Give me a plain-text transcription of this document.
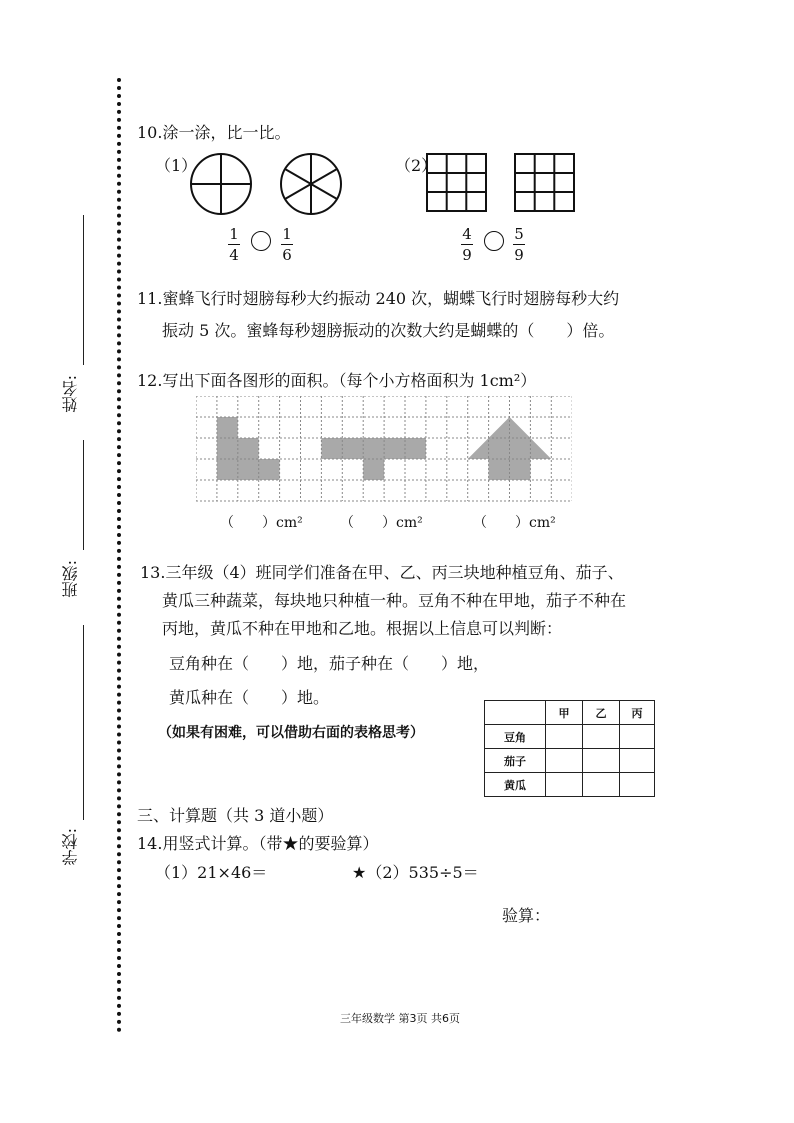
姓名:
班级:
学校:
10.涂一涂，比一比。
（1）	（2）
1
4
1
6
4
9
5
9
11.蜜蜂飞行时翅膀每秒大约振动 240 次，蝴蝶飞行时翅膀每秒大约
振动 5 次。蜜蜂每秒翅膀振动的次数大约是蝴蝶的（　　）倍。
12.写出下面各图形的面积。（每个小方格面积为 1cm²）
（　　）cm²	（　　）cm²	（　　）cm²
13.三年级（4）班同学们准备在甲、乙、丙三块地种植豆角、茄子、
黄瓜三种蔬菜，每块地只种植一种。豆角不种在甲地，茄子不种在
丙地，黄瓜不种在甲地和乙地。根据以上信息可以判断：
豆角种在（　　）地，茄子种在（　　）地，
黄瓜种在（　　）地。
（如果有困难，可以借助右面的表格思考）
	甲	乙	丙
豆角			
茄子			
黄瓜			
三、计算题（共 3 道小题）
14.用竖式计算。（带★的要验算）
（1）21×46＝	★（2）535÷5＝
验算：
三年级数学 第3页 共6页
